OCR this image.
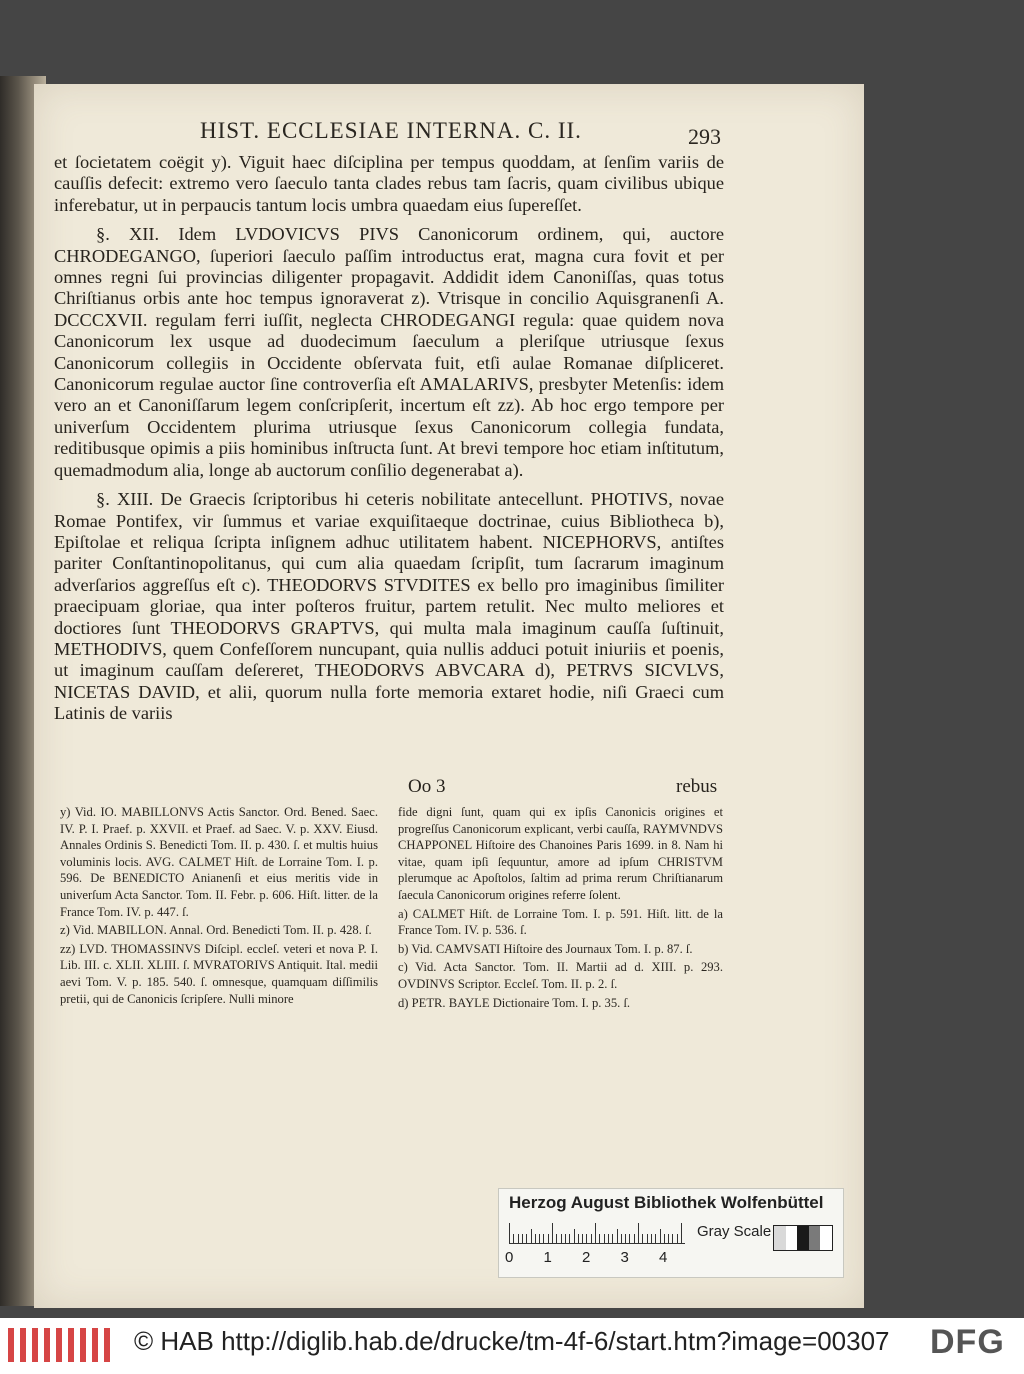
HIST. ECCLESIAE INTERNA. C. II.	293

et ſocietatem coëgit y). Viguit haec diſciplina per tempus quoddam, at ſenſim variis de cauſſis defecit: extremo vero ſaeculo tanta clades rebus tam ſacris, quam civilibus ubique inferebatur, ut in perpaucis tantum locis umbra quaedam eius ſupereſſet.

§. XII. Idem LVDOVICVS PIVS Canonicorum ordinem, qui, auctore CHRODEGANGO, ſuperiori ſaeculo paſſim introductus erat, magna cura fovit et per omnes regni ſui provincias diligenter propagavit. Addidit idem Canoniſſas, quas totus Chriſtianus orbis ante hoc tempus ignoraverat z). Vtrisque in concilio Aquisgranenſi A. DCCCXVII. regulam ferri iuſſit, neglecta CHRODEGANGI regula: quae quidem nova Canonicorum lex usque ad duodecimum ſaeculum a pleriſque utriusque ſexus Canonicorum collegiis in Occidente obſervata fuit, etſi aulae Romanae diſpliceret. Canonicorum regulae auctor ſine controverſia eſt AMALARIVS, presbyter Metenſis: idem vero an et Canoniſſarum legem conſcripſerit, incertum eſt zz). Ab hoc ergo tempore per univerſum Occidentem plurima utriusque ſexus Canonicorum collegia fundata, reditibusque opimis a piis hominibus inſtructa ſunt. At brevi tempore hoc etiam inſtitutum, quemadmodum alia, longe ab auctorum conſilio degenerabat a).

§. XIII. De Graecis ſcriptoribus hi ceteris nobilitate antecellunt. PHOTIVS, novae Romae Pontifex, vir ſummus et variae exquiſitaeque doctrinae, cuius Bibliotheca b), Epiſtolae et reliqua ſcripta inſignem adhuc utilitatem habent. NICEPHORVS, antiſtes pariter Conſtantinopolitanus, qui cum alia quaedam ſcripſit, tum ſacrarum imaginum adverſarios aggreſſus eſt c). THEODORVS STVDITES ex bello pro imaginibus ſimiliter praecipuam gloriae, qua inter poſteros fruitur, partem retulit. Nec multo meliores et doctiores ſunt THEODORVS GRAPTVS, qui multa mala imaginum cauſſa ſuſtinuit, METHODIVS, quem Confeſſorem nuncupant, quia nullis adduci potuit iniuriis et poenis, ut imaginum cauſſam deſereret, THEODORVS ABVCARA d), PETRVS SICVLVS, NICETAS DAVID, et alii, quorum nulla forte memoria extaret hodie, niſi Graeci cum Latinis de variis

Oo 3	rebus

y) Vid. IO. MABILLONVS Actis Sanctor. Ord. Bened. Saec. IV. P. I. Praef. p. XXVII. et Praef. ad Saec. V. p. XXV. Eiusd. Annales Ordinis S. Benedicti Tom. II. p. 430. ſ. et multis huius voluminis locis. AVG. CALMET Hiſt. de Lorraine Tom. I. p. 596. De BENEDICTO Anianenſi et eius meritis vide in univerſum Acta Sanctor. Tom. II. Febr. p. 606. Hiſt. litter. de la France Tom. IV. p. 447. ſ.

z) Vid. MABILLON. Annal. Ord. Benedicti Tom. II. p. 428. ſ.

zz) LVD. THOMASSINVS Diſcipl. eccleſ. veteri et nova P. I. Lib. III. c. XLII. XLIII. ſ. MVRATORIVS Antiquit. Ital. medii aevi Tom. V. p. 185. 540. ſ. omnesque, quamquam diſſimilis pretii, qui de Canonicis ſcripſere. Nulli minore

fide digni ſunt, quam qui ex ipſis Canonicis origines et progreſſus Canonicorum explicant, verbi cauſſa, RAYMVNDVS CHAPPONEL Hiſtoire des Chanoines Paris 1699. in 8. Nam hi vitae, quam ipſi ſequuntur, amore ad ipſum CHRISTVM plerumque ac Apoſtolos, ſaltim ad prima rerum Chriſtianarum ſaecula Canonicorum origines referre ſolent.

a) CALMET Hiſt. de Lorraine Tom. I. p. 591. Hiſt. litt. de la France Tom. IV. p. 536. ſ.

b) Vid. CAMVSATI Hiſtoire des Journaux Tom. I. p. 87. ſ.

c) Vid. Acta Sanctor. Tom. II. Martii ad d. XIII. p. 293. OVDINVS Scriptor. Eccleſ. Tom. II. p. 2. ſ.

d) PETR. BAYLE Dictionaire Tom. I. p. 35. ſ.

Herzog August Bibliothek Wolfenbüttel
0 1 2 3 4
Gray Scale
© HAB http://diglib.hab.de/drucke/tm-4f-6/start.htm?image=00307 DFG
